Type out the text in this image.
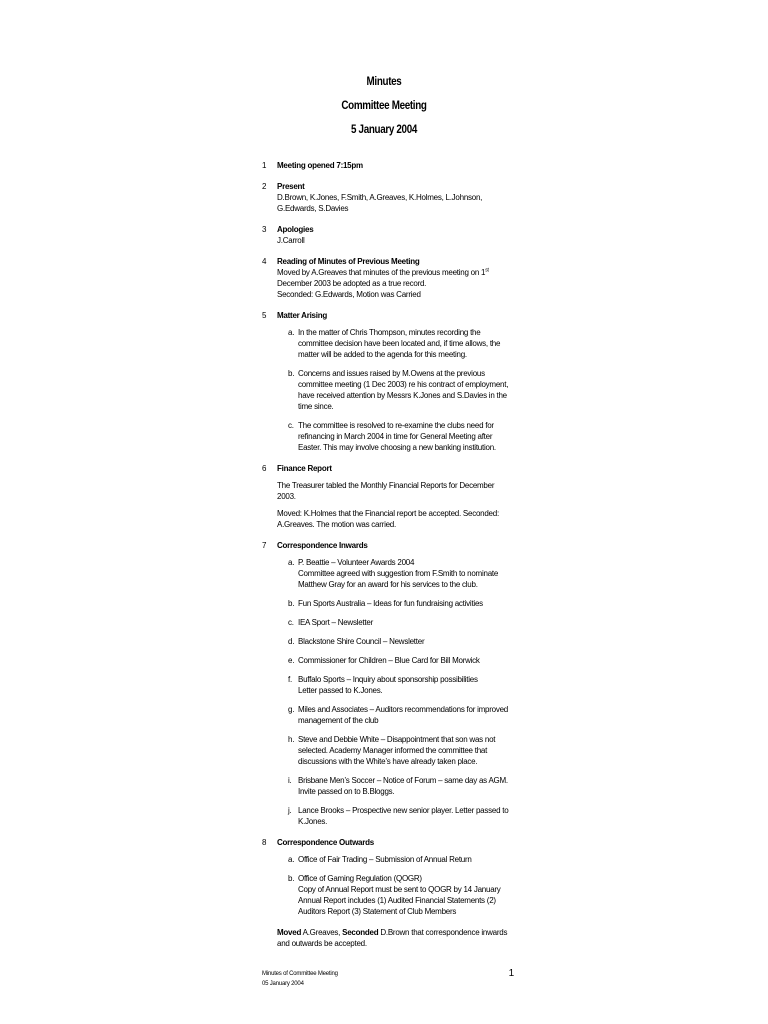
Minutes
Committee Meeting
5 January 2004
1 Meeting opened 7:15pm
2 Present
D.Brown, K.Jones, F.Smith, A.Greaves, K.Holmes, L.Johnson, G.Edwards, S.Davies
3 Apologies
J.Carroll
4 Reading of Minutes of Previous Meeting
Moved by A.Greaves that minutes of the previous meeting on 1st December 2003 be adopted as a true record.
Seconded: G.Edwards, Motion was Carried
5 Matter Arising
a. In the matter of Chris Thompson, minutes recording the committee decision have been located and, if time allows, the matter will be added to the agenda for this meeting.
b. Concerns and issues raised by M.Owens at the previous committee meeting (1 Dec 2003) re his contract of employment, have received attention by Messrs K.Jones and S.Davies in the time since.
c. The committee is resolved to re-examine the clubs need for refinancing in March 2004 in time for General Meeting after Easter. This may involve choosing a new banking institution.
6 Finance Report
The Treasurer tabled the Monthly Financial Reports for December 2003.
Moved: K.Holmes that the Financial report be accepted. Seconded: A.Greaves. The motion was carried.
7 Correspondence Inwards
a. P. Beattie – Volunteer Awards 2004
Committee agreed with suggestion from F.Smith to nominate Matthew Gray for an award for his services to the club.
b. Fun Sports Australia – Ideas for fun fundraising activities
c. IEA Sport – Newsletter
d. Blackstone Shire Council – Newsletter
e. Commissioner for Children – Blue Card for Bill Morwick
f. Buffalo Sports – Inquiry about sponsorship possibilities
Letter passed to K.Jones.
g. Miles and Associates – Auditors recommendations for improved management of the club
h. Steve and Debbie White – Disappointment that son was not selected. Academy Manager informed the committee that discussions with the White’s have already taken place.
i. Brisbane Men’s Soccer – Notice of Forum – same day as AGM. Invite passed on to B.Bloggs.
j. Lance Brooks – Prospective new senior player. Letter passed to K.Jones.
8 Correspondence Outwards
a. Office of Fair Trading – Submission of Annual Return
b. Office of Gaming Regulation (QOGR)
Copy of Annual Report must be sent to QOGR by 14 January
Annual Report includes (1) Audited Financial Statements (2) Auditors Report (3) Statement of Club Members
Moved A.Greaves, Seconded D.Brown that correspondence inwards and outwards be accepted.
Minutes of Committee Meeting
05 January 2004
1
